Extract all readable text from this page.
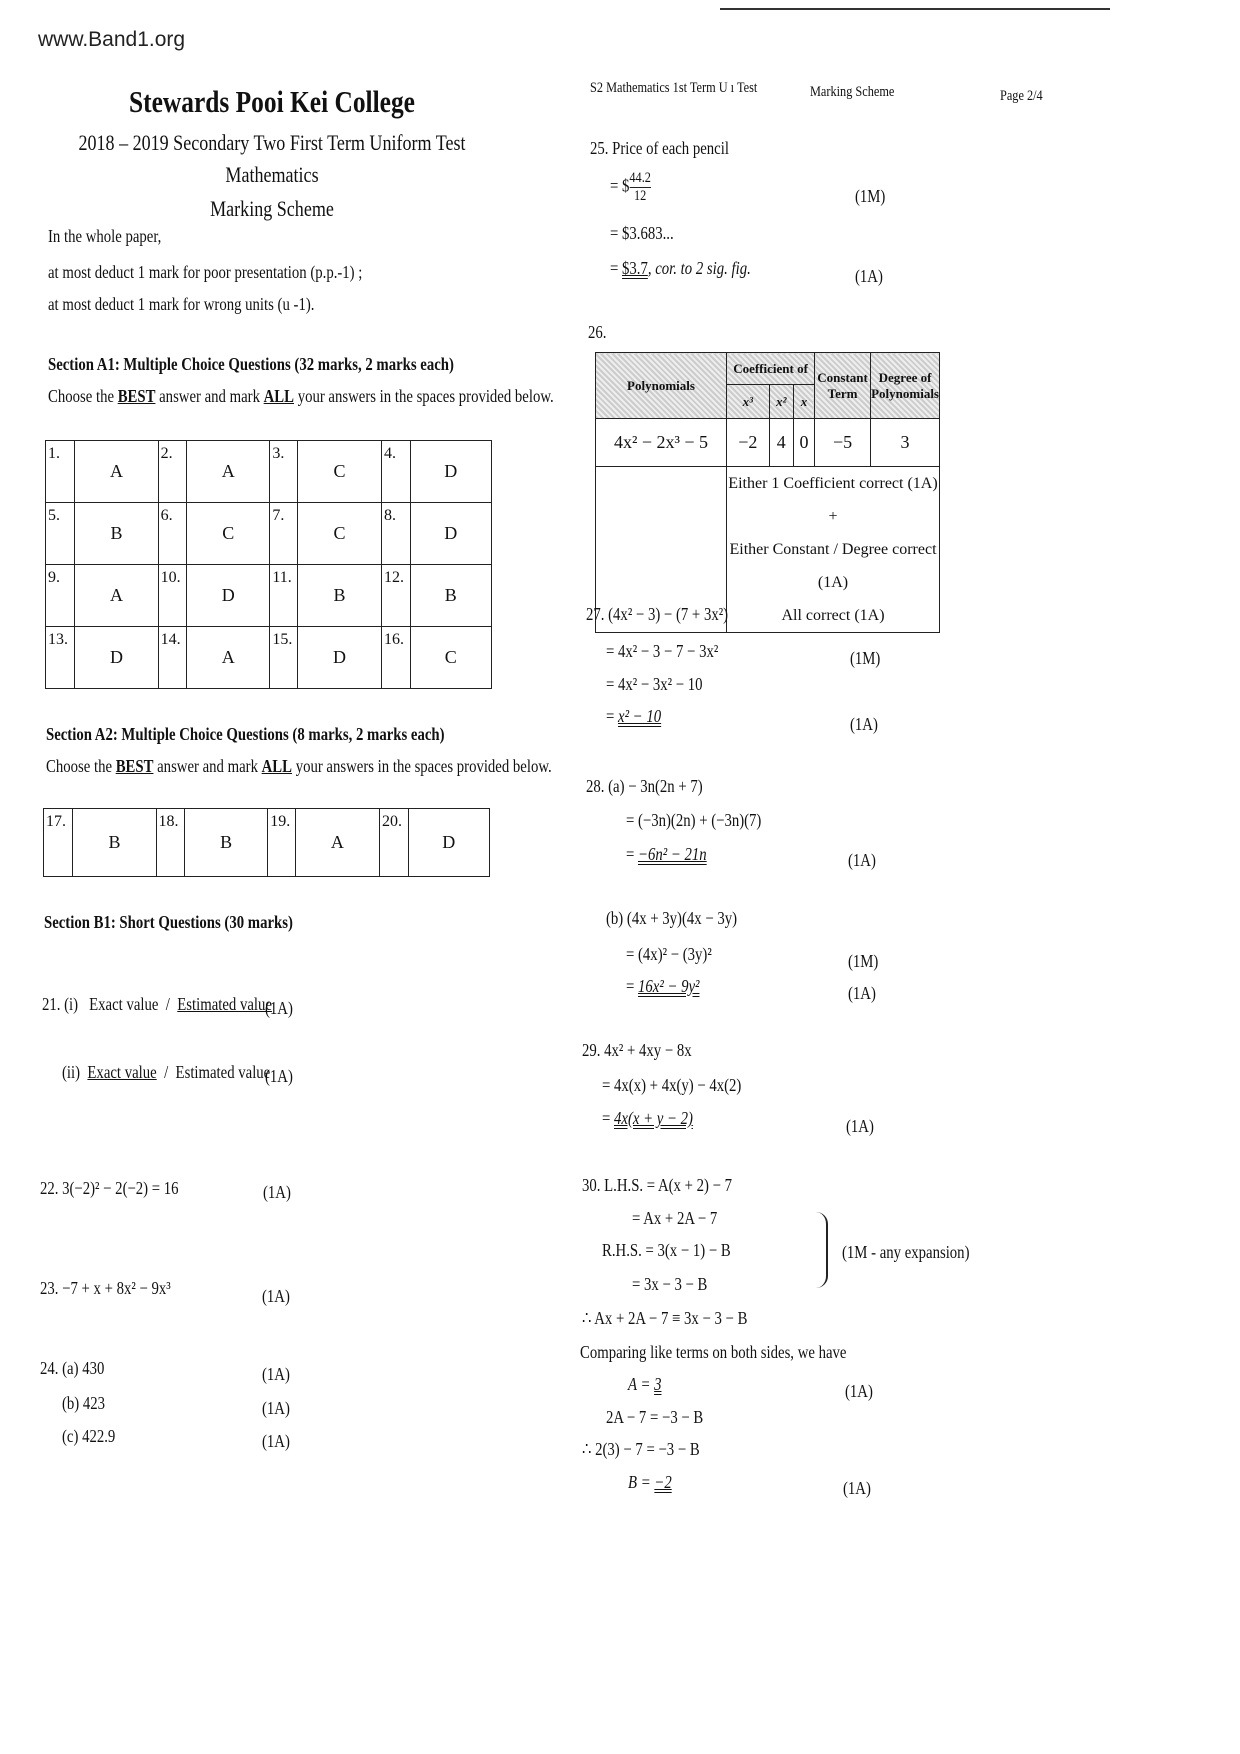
www.Band1.org
Stewards Pooi Kei College
2018 – 2019 Secondary Two First Term Uniform Test
Mathematics
Marking Scheme
In the whole paper,
at most deduct 1 mark for poor presentation (p.p.-1) ;
at most deduct 1 mark for wrong units (u -1).
Section A1: Multiple Choice Questions (32 marks, 2 marks each)
Choose the BEST answer and mark ALL your answers in the spaces provided below.
1.	A	2.	A	3.	C	4.	D
5.	B	6.	C	7.	C	8.	D
9.	A	10.	D	11.	B	12.	B
13.	D	14.	A	15.	D	16.	C
Section A2: Multiple Choice Questions (8 marks, 2 marks each)
Choose the BEST answer and mark ALL your answers in the spaces provided below.
17.	B	18.	B	19.	A	20.	D
Section B1: Short Questions (30 marks)
21. (i) Exact value / Estimated value
(1A)
(ii) Exact value / Estimated value
(1A)
22. 3(−2)² − 2(−2) = 16	(1A)
23. −7 + x + 8x² − 9x³	(1A)
24. (a) 430	(1A)
(b) 423	(1A)
(c) 422.9	(1A)
S2 Mathematics 1st Term U ı Test	Marking Scheme	Page 2/4
25. Price of each pencil
= $ $\frac{44.2}{12}$	(1M)
= $3.683...
= $3.7, cor. to 2 sig. fig.	(1A)
26.
Polynomials	Coefficient of			Constant Term	Degree of Polynomials
	x³	x²	x		
4x² − 2x³ − 5	−2	4	0	−5	3

	Either 1 Coefficient correct (1A) +
Either Constant / Degree correct (1A)
All correct (1A)				
27. (4x² − 3) − (7 + 3x²)
= 4x² − 3 − 7 − 3x²	(1M)
= 4x² − 3x² − 10
= x² − 10	(1A)
28. (a) − 3n(2n + 7)
= (−3n)(2n) + (−3n)(7)
= −6n² − 21n	(1A)
(b) (4x + 3y)(4x − 3y)
= (4x)² − (3y)²	(1M)
= 16x² − 9y²	(1A)
29. 4x² + 4xy − 8x
= 4x(x) + 4x(y) − 4x(2)
= 4x(x + y − 2)	(1A)
30. L.H.S. = A(x + 2) − 7
= Ax + 2A − 7
R.H.S. = 3(x − 1) − B
= 3x − 3 − B
(1M - any expansion)
∴ Ax + 2A − 7 ≡ 3x − 3 − B
Comparing like terms on both sides, we have
A = 3	(1A)
2A − 7 = −3 − B
∴ 2(3) − 7 = −3 − B
B = −2	(1A)
